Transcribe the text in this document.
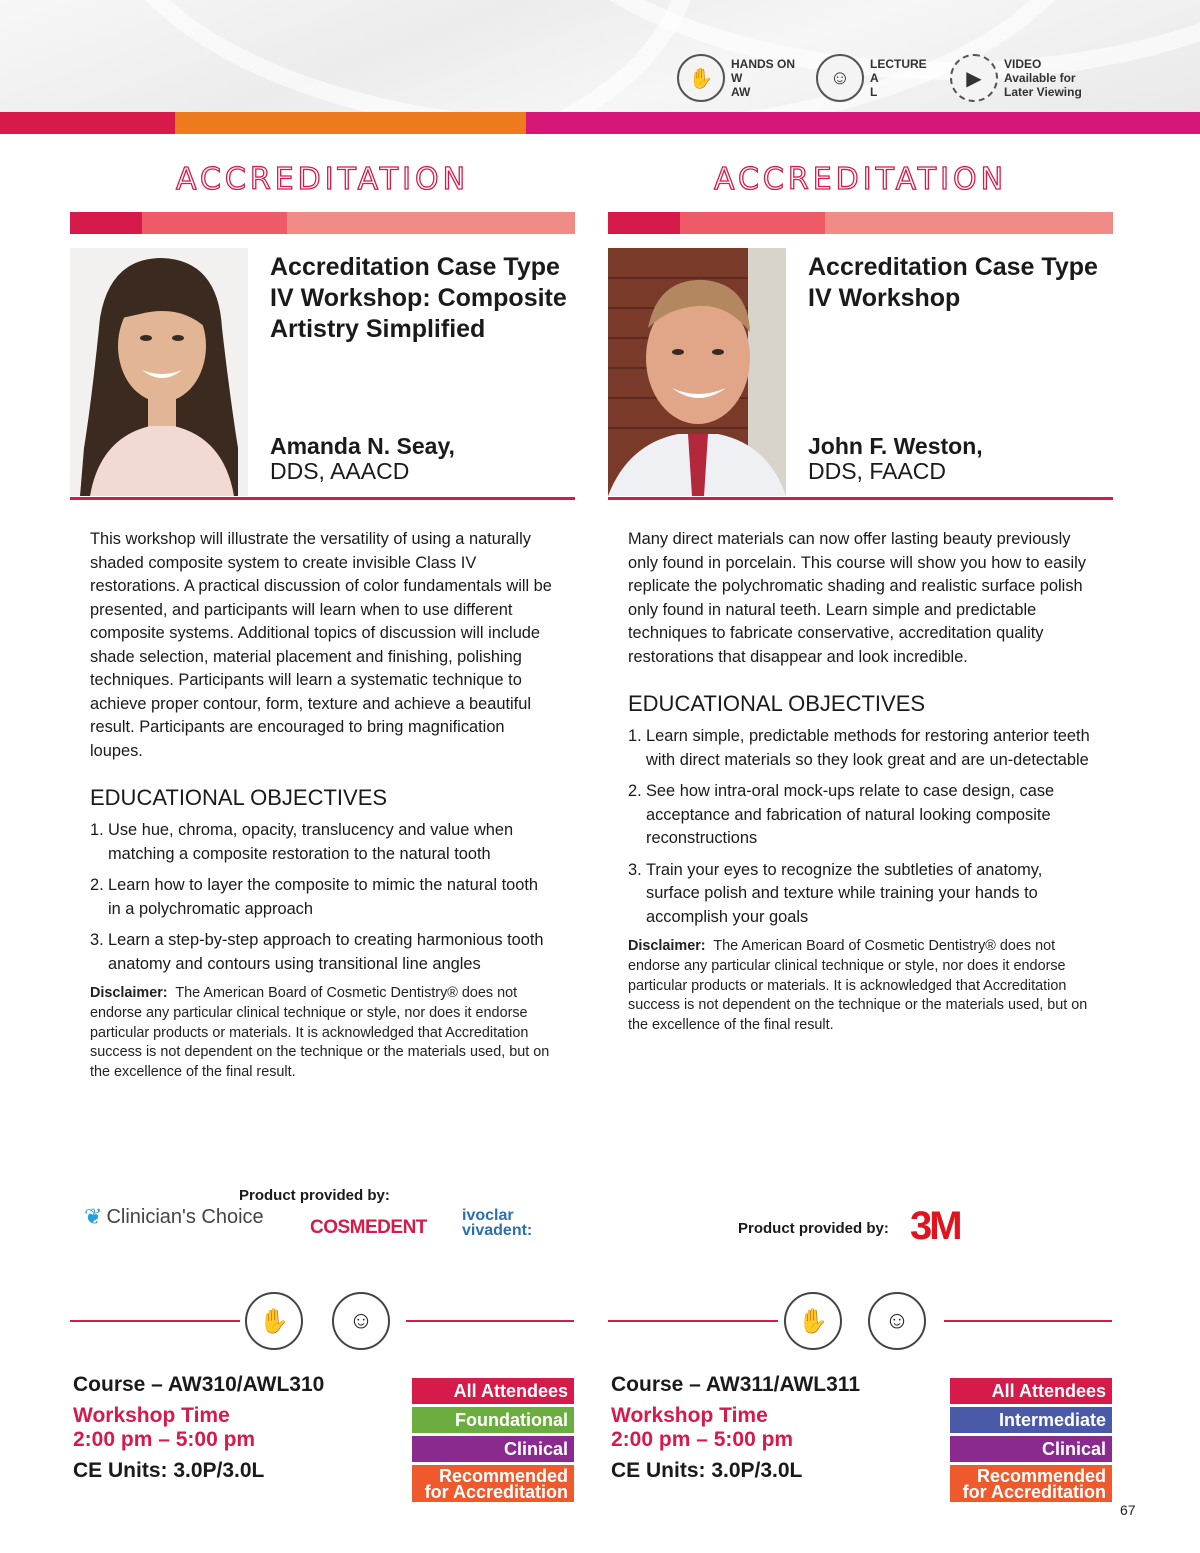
✋
HANDS ON
W
AW
☺
LECTURE
A
L
▶
VIDEO
Available for
Later Viewing
ACCREDITATION
Accreditation Case Type IV Workshop: Composite Artistry Simplified
Amanda N. Seay,
DDS, AAACD

This workshop will illustrate the versatility of using a naturally shaded composite system to create invisible Class IV restorations. A practical discussion of color fundamentals will be presented, and participants will learn when to use different composite systems. Additional topics of discussion will include shade selection, material placement and finishing, polishing techniques. Participants will learn a systematic technique to achieve proper contour, form, texture and achieve a beautiful result. Participants are encouraged to bring magnification loupes.

EDUCATIONAL OBJECTIVES
1. Use hue, chroma, opacity, translucency and value when matching a composite restoration to the natural tooth
2. Learn how to layer the composite to mimic the natural tooth in a polychromatic approach
3. Learn a step-by-step approach to creating harmonious tooth anatomy and contours using transitional line angles

Disclaimer: The American Board of Cosmetic Dentistry® does not endorse any particular clinical technique or style, nor does it endorse particular products or materials. It is acknowledged that Accreditation success is not dependent on the technique or the materials used, but on the excellence of the final result.

ACCREDITATION
Accreditation Case Type IV Workshop
John F. Weston,
DDS, FAACD

Many direct materials can now offer lasting beauty previously only found in porcelain. This course will show you how to easily replicate the polychromatic shading and realistic surface polish only found in natural teeth. Learn simple and predictable techniques to fabricate conservative, accreditation quality restorations that disappear and look incredible.

EDUCATIONAL OBJECTIVES
1. Learn simple, predictable methods for restoring anterior teeth with direct materials so they look great and are un-detectable
2. See how intra-oral mock-ups relate to case design, case acceptance and fabrication of natural looking composite reconstructions
3. Train your eyes to recognize the subtleties of anatomy, surface polish and texture while training your hands to accomplish your goals

Disclaimer: The American Board of Cosmetic Dentistry® does not endorse any particular clinical technique or style, nor does it endorse particular products or materials. It is acknowledged that Accreditation success is not dependent on the technique or the materials used, but on the excellence of the final result.

Product provided by:
❦ Clinician's Choice COSMEDENT
ivoclar
vivadent:	Product provided by: 3M
✋	☺	✋	☺
Course – AW310/AWL310
Workshop Time
2:00 pm – 5:00 pm
CE Units: 3.0P/3.0L
All Attendees
Foundational
Clinical
Recommended
for Accreditation
Course – AW311/AWL311
Workshop Time
2:00 pm – 5:00 pm
CE Units: 3.0P/3.0L
All Attendees
Intermediate
Clinical
Recommended
for Accreditation
67
